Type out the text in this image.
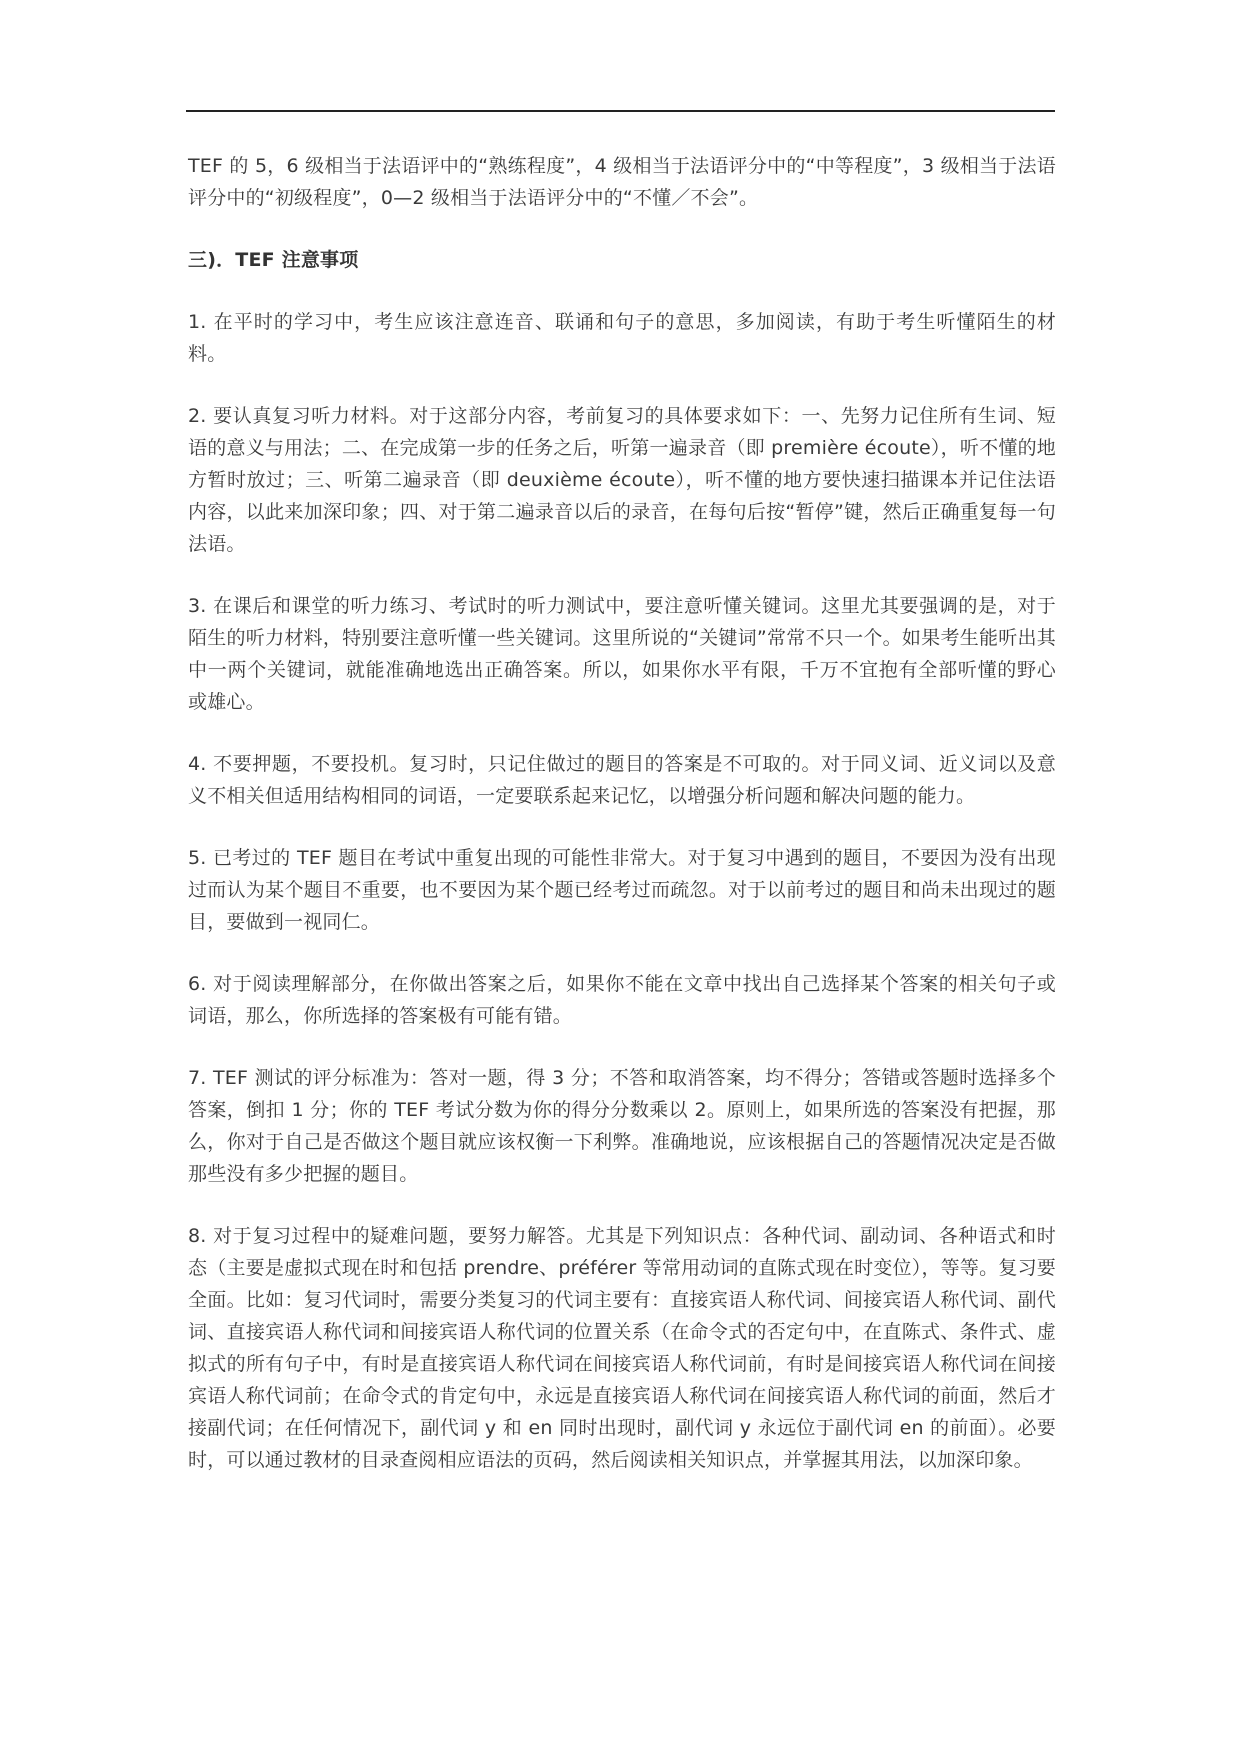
TEF 的 5，6 级相当于法语评中的“熟练程度”，4 级相当于法语评分中的“中等程度”，3 级相当于法语评分中的“初级程度”，0—2 级相当于法语评分中的“不懂／不会”。

三)．TEF 注意事项

1. 在平时的学习中，考生应该注意连音、联诵和句子的意思，多加阅读，有助于考生听懂陌生的材料。

2. 要认真复习听力材料。对于这部分内容，考前复习的具体要求如下：一、先努力记住所有生词、短语的意义与用法；二、在完成第一步的任务之后，听第一遍录音（即 première écoute），听不懂的地方暂时放过；三、听第二遍录音（即 deuxième écoute），听不懂的地方要快速扫描课本并记住法语内容，以此来加深印象；四、对于第二遍录音以后的录音，在每句后按“暂停”键，然后正确重复每一句法语。

3. 在课后和课堂的听力练习、考试时的听力测试中，要注意听懂关键词。这里尤其要强调的是，对于陌生的听力材料，特别要注意听懂一些关键词。这里所说的“关键词”常常不只一个。如果考生能听出其中一两个关键词，就能准确地选出正确答案。所以，如果你水平有限，千万不宜抱有全部听懂的野心 或雄心。

4. 不要押题，不要投机。复习时，只记住做过的题目的答案是不可取的。对于同义词、近义词以及意义不相关但适用结构相同的词语，一定要联系起来记忆，以增强分析问题和解决问题的能力。

5. 已考过的 TEF 题目在考试中重复出现的可能性非常大。对于复习中遇到的题目，不要因为没有出现过而认为某个题目不重要，也不要因为某个题已经考过而疏忽。对于以前考过的题目和尚未出现过的题目，要做到一视同仁。

6. 对于阅读理解部分，在你做出答案之后，如果你不能在文章中找出自己选择某个答案的相关句子或词语，那么，你所选择的答案极有可能有错。

7. TEF 测试的评分标准为：答对一题，得 3 分；不答和取消答案，均不得分；答错或答题时选择多个答案，倒扣 1 分；你的 TEF 考试分数为你的得分分数乘以 2。原则上，如果所选的答案没有把握，那么，你对于自己是否做这个题目就应该权衡一下利弊。准确地说，应该根据自己的答题情况决定是否做那些没有多少把握的题目。

8. 对于复习过程中的疑难问题，要努力解答。尤其是下列知识点：各种代词、副动词、各种语式和时态（主要是虚拟式现在时和包括 prendre、préférer 等常用动词的直陈式现在时变位），等等。复习要全面。比如：复习代词时，需要分类复习的代词主要有：直接宾语人称代词、间接宾语人称代词、副代词、直接宾语人称代词和间接宾语人称代词的位置关系（在命令式的否定句中，在直陈式、条件式、虚拟式的所有句子中，有时是直接宾语人称代词在间接宾语人称代词前，有时是间接宾语人称代词在间接宾语人称代词前；在命令式的肯定句中，永远是直接宾语人称代词在间接宾语人称代词的前面，然后才接副代词；在任何情况下，副代词 y 和 en 同时出现时，副代词 y 永远位于副代词 en 的前面）。必要时，可以通过教材的目录查阅相应语法的页码，然后阅读相关知识点，并掌握其用法，以加深印象。
